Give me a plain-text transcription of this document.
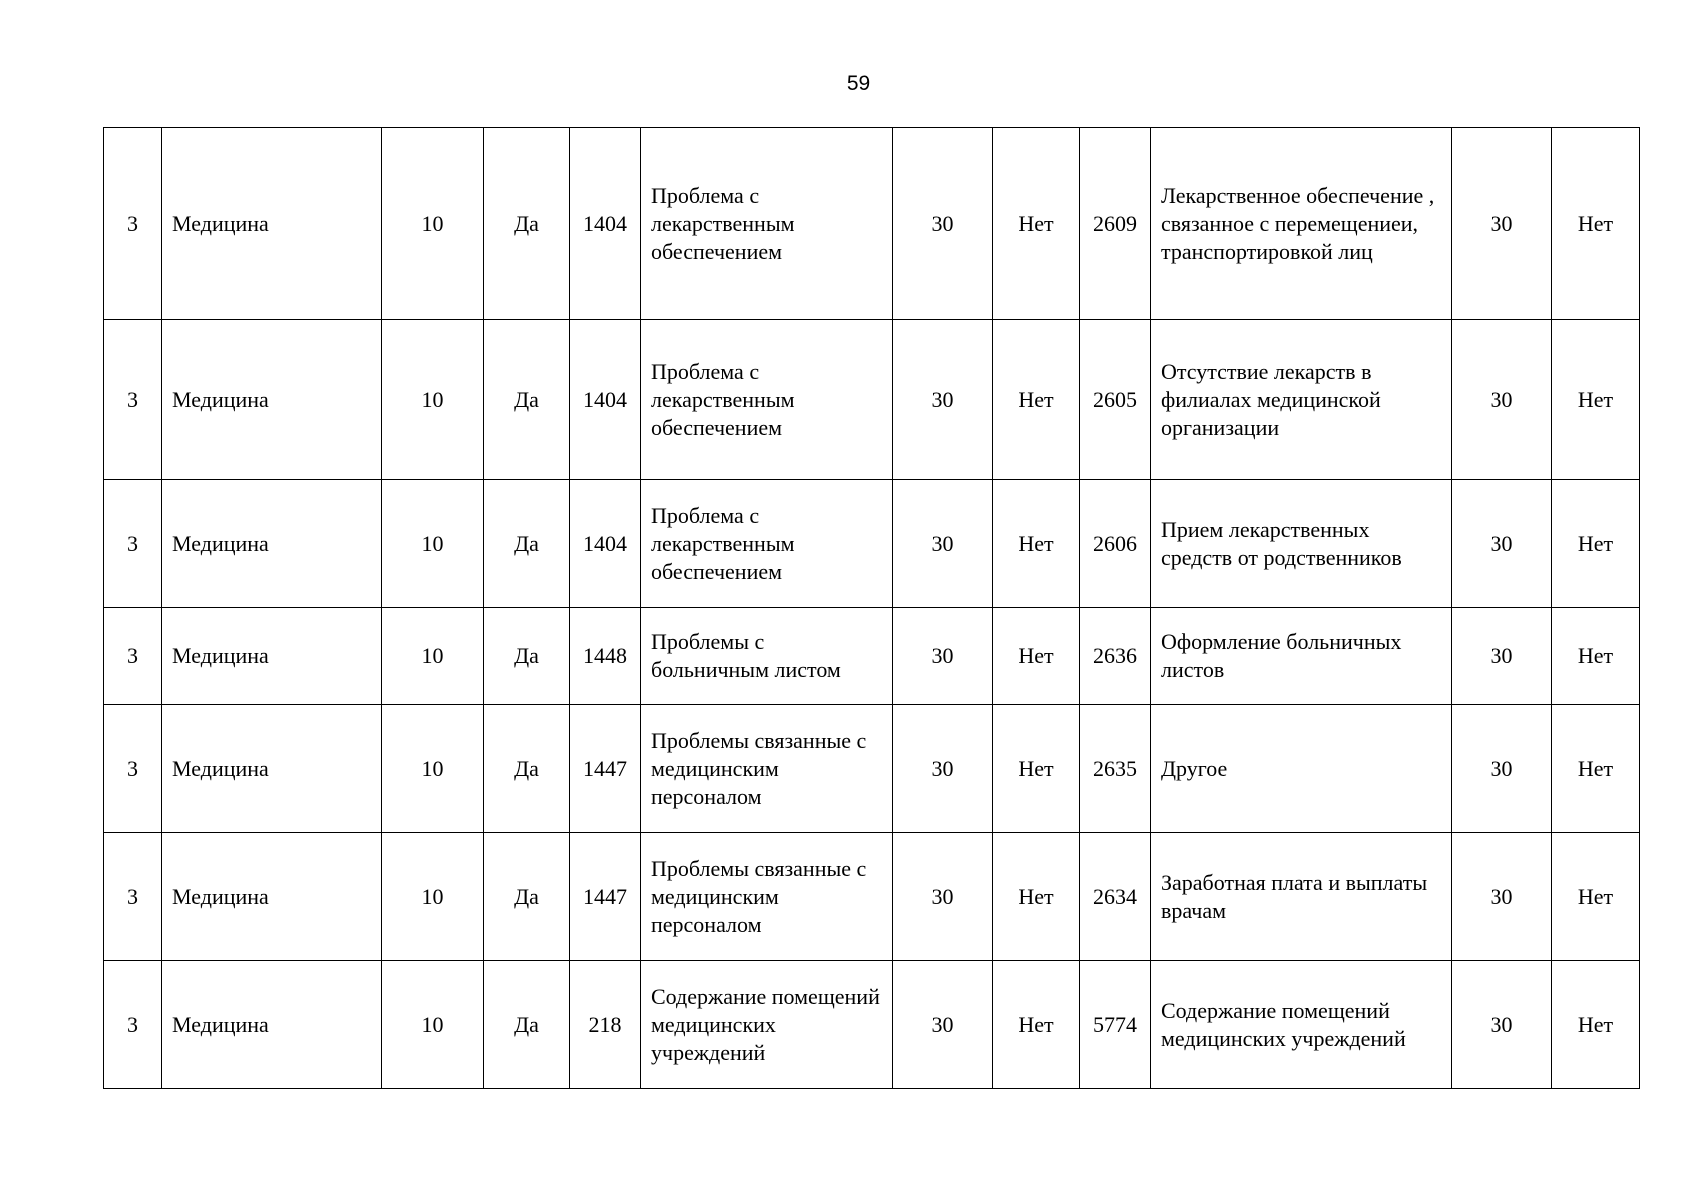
59
3	Медицина	10	Да	1404	Проблема с лекарственным обеспечением	30	Нет	2609	Лекарственное обеспечение , связанное с перемещениеи, транспортировкой лиц	30	Нет
3	Медицина	10	Да	1404	Проблема с лекарственным обеспечением	30	Нет	2605	Отсутствие лекарств в филиалах медицинской организации	30	Нет
3	Медицина	10	Да	1404	Проблема с лекарственным обеспечением	30	Нет	2606	Прием лекарственных средств от родственников	30	Нет
3	Медицина	10	Да	1448	Проблемы с больничным листом	30	Нет	2636	Оформление больничных листов	30	Нет
3	Медицина	10	Да	1447	Проблемы связанные с медицинским персоналом	30	Нет	2635	Другое	30	Нет
3	Медицина	10	Да	1447	Проблемы связанные с медицинским персоналом	30	Нет	2634	Заработная плата и выплаты врачам	30	Нет
3	Медицина	10	Да	218	Содержание помещений медицинских учреждений	30	Нет	5774	Содержание помещений медицинских учреждений	30	Нет
